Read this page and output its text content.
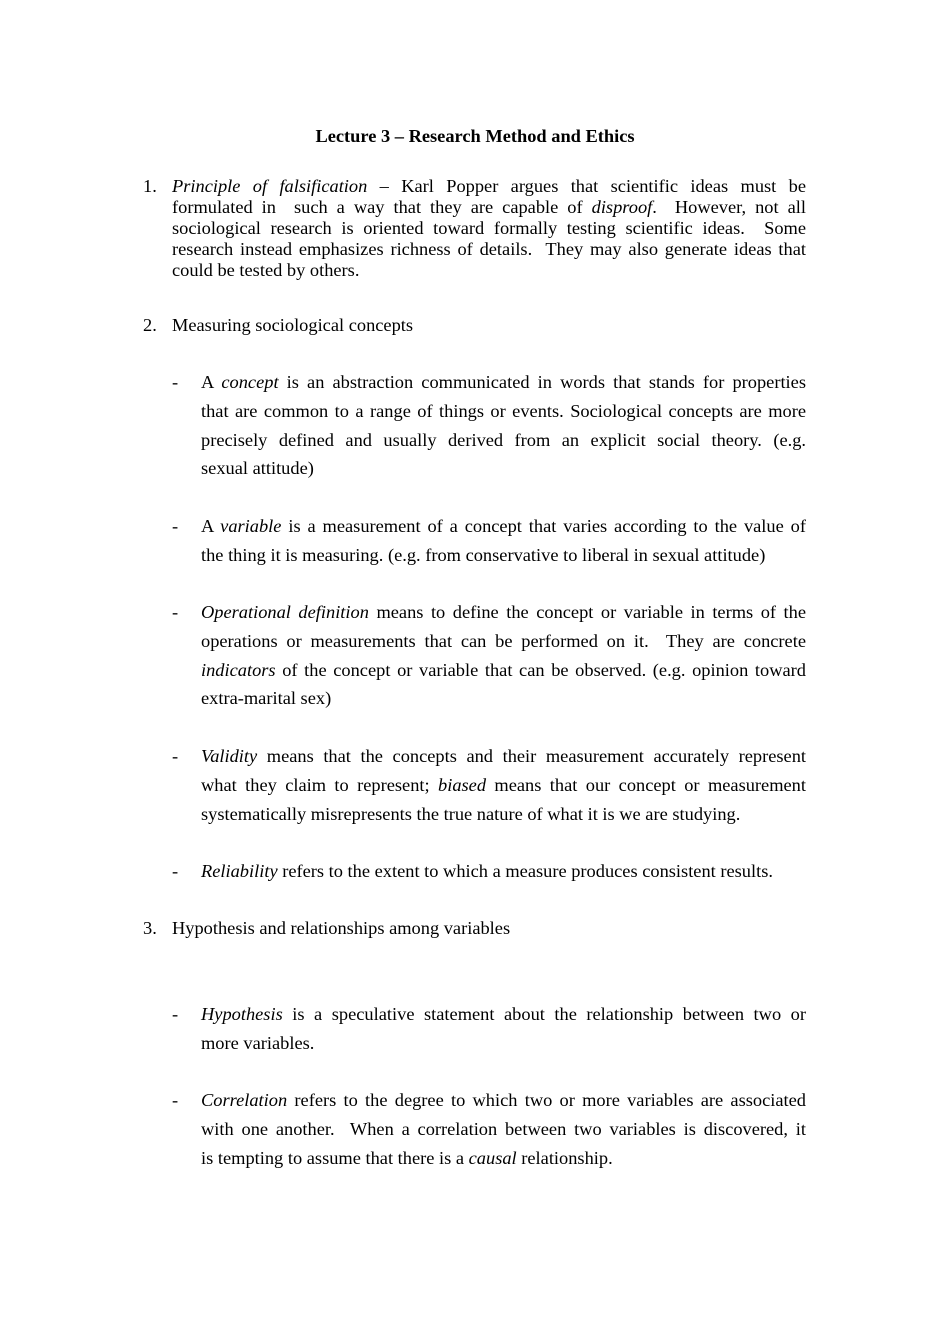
Lecture 3 – Research Method and Ethics
1. Principle of falsification – Karl Popper argues that scientific ideas must be
formulated in  such a way that they are capable of disproof.  However, not all
sociological research is oriented toward formally testing scientific ideas.  Some
research instead emphasizes richness of details.  They may also generate ideas that
could be tested by others.
2. Measuring sociological concepts
-	A concept is an abstraction communicated in words that stands for properties
that are common to a range of things or events. Sociological concepts are more
precisely defined and usually derived from an explicit social theory. (e.g.
sexual attitude)
-	A variable is a measurement of a concept that varies according to the value of
the thing it is measuring. (e.g. from conservative to liberal in sexual attitude)
-	Operational definition means to define the concept or variable in terms of the
operations or measurements that can be performed on it.  They are concrete
indicators of the concept or variable that can be observed. (e.g. opinion toward
extra-marital sex)
-	Validity means that the concepts and their measurement accurately represent
what they claim to represent; biased means that our concept or measurement
systematically misrepresents the true nature of what it is we are studying.
-	Reliability refers to the extent to which a measure produces consistent results.
3. Hypothesis and relationships among variables
-	Hypothesis is a speculative statement about the relationship between two or
more variables.
-	Correlation refers to the degree to which two or more variables are associated
with one another.  When a correlation between two variables is discovered, it
is tempting to assume that there is a causal relationship.
